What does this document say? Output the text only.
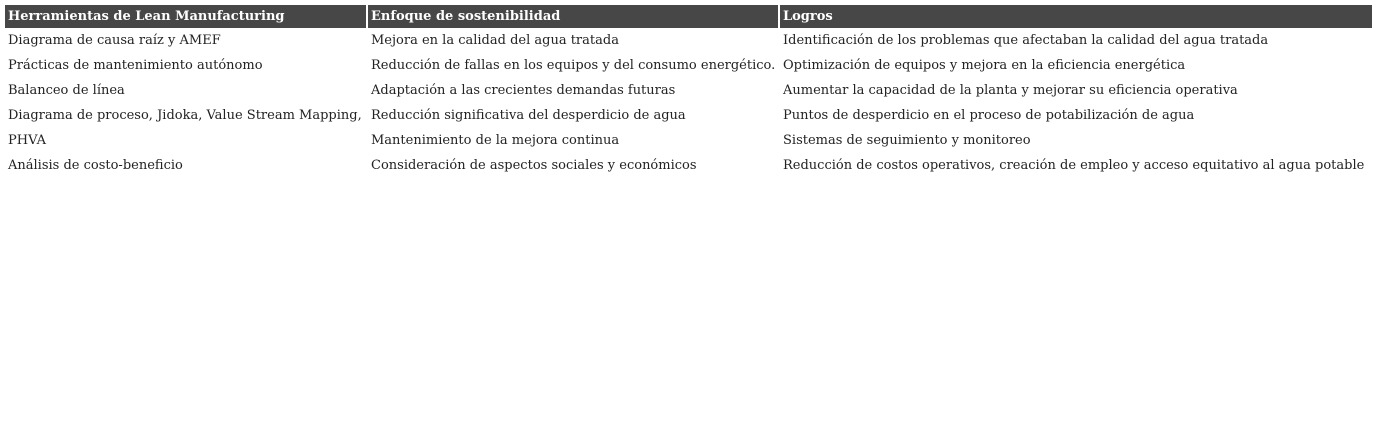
Herramientas de Lean Manufacturing	Enfoque de sostenibilidad	Logros
Diagrama de causa raíz y AMEF	Mejora en la calidad del agua tratada	Identificación de los problemas que afectaban la calidad del agua tratada
Prácticas de mantenimiento autónomo	Reducción de fallas en los equipos y del consumo energético.	Optimización de equipos y mejora en la eficiencia energética
Balanceo de línea	Adaptación a las crecientes demandas futuras	Aumentar la capacidad de la planta y mejorar su eficiencia operativa
Diagrama de proceso, Jidoka, Value Stream Mapping,	Reducción significativa del desperdicio de agua	Puntos de desperdicio en el proceso de potabilización de agua
PHVA	Mantenimiento de la mejora continua	Sistemas de seguimiento y monitoreo
Análisis de costo-beneficio	Consideración de aspectos sociales y económicos	Reducción de costos operativos, creación de empleo y acceso equitativo al agua potable
